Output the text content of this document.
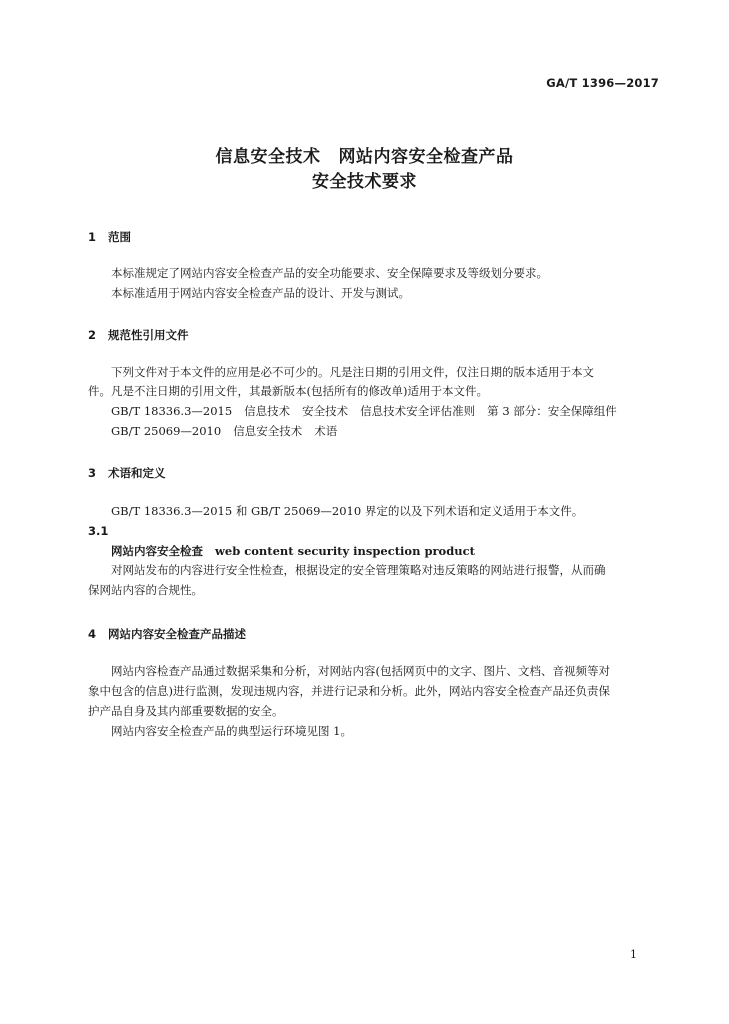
GA/T 1396—2017
信息安全技术 网站内容安全检查产品
安全技术要求
1 范围
本标准规定了网站内容安全检查产品的安全功能要求、安全保障要求及等级划分要求。
本标准适用于网站内容安全检查产品的设计、开发与测试。
2 规范性引用文件
下列文件对于本文件的应用是必不可少的。凡是注日期的引用文件，仅注日期的版本适用于本文
件。凡是不注日期的引用文件，其最新版本(包括所有的修改单)适用于本文件。
GB/T 18336.3—2015 信息技术 安全技术 信息技术安全评估准则 第 3 部分：安全保障组件
GB/T 25069—2010 信息安全技术 术语
3 术语和定义
GB/T 18336.3—2015 和 GB/T 25069—2010 界定的以及下列术语和定义适用于本文件。
3.1
网站内容安全检查 web content security inspection product
对网站发布的内容进行安全性检查，根据设定的安全管理策略对违反策略的网站进行报警，从而确
保网站内容的合规性。
4 网站内容安全检查产品描述
网站内容检查产品通过数据采集和分析，对网站内容(包括网页中的文字、图片、文档、音视频等对
象中包含的信息)进行监测，发现违规内容，并进行记录和分析。此外，网站内容安全检查产品还负责保
护产品自身及其内部重要数据的安全。
网站内容安全检查产品的典型运行环境见图 1。
1
